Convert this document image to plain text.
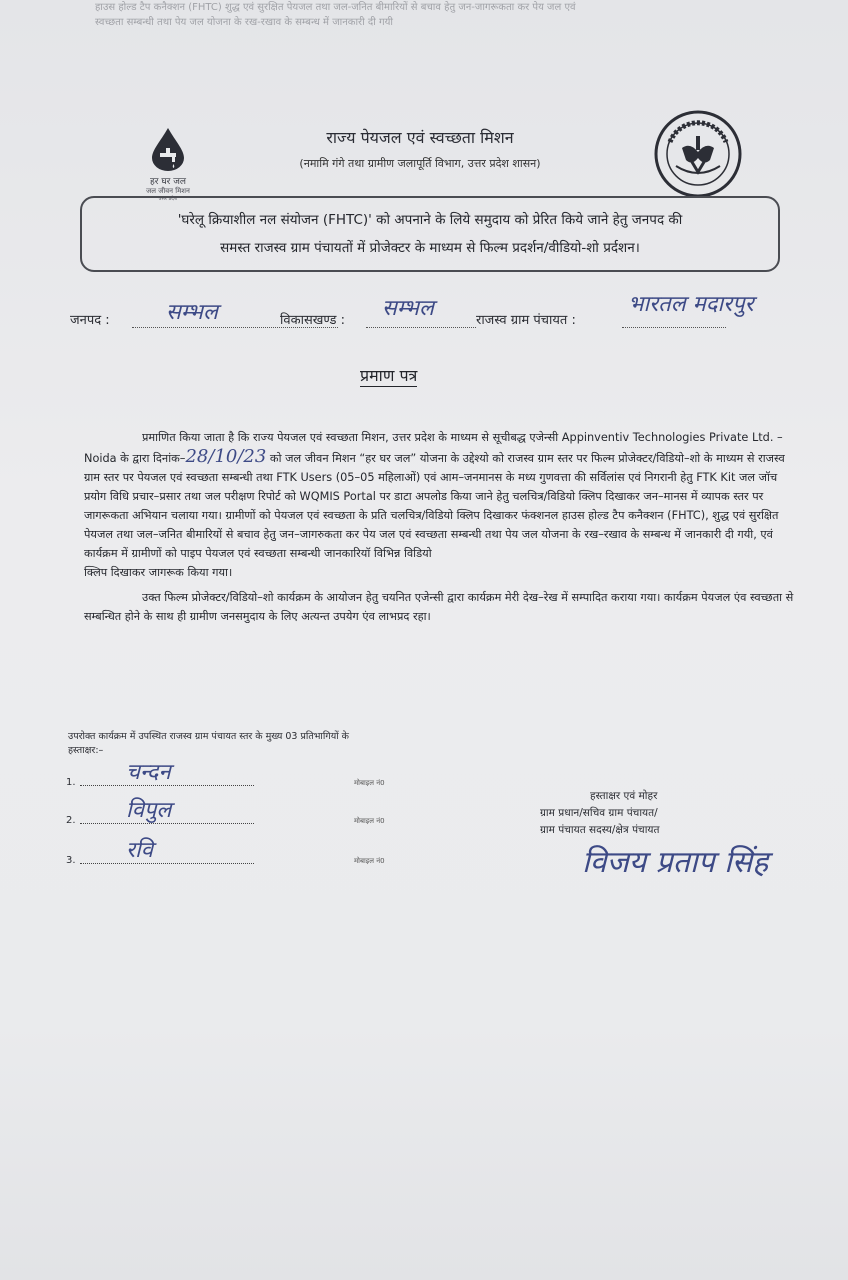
हाउस होल्ड टैप कनैक्शन (FHTC) शुद्ध एवं सुरक्षित पेयजल तथा जल-जनित बीमारियों से बचाव हेतु जन-जागरूकता कर पेय जल एवं
स्वच्छता सम्बन्धी तथा पेय जल योजना के रख-रखाव के सम्बन्ध में जानकारी दी गयी
हर घर जल
जल जीवन मिशन
उत्तर प्रदेश
राज्य पेयजल एवं स्वच्छता मिशन
(नमामि गंगे तथा ग्रामीण जलापूर्ति विभाग, उत्तर प्रदेश शासन)
'घरेलू क्रियाशील नल संयोजन (FHTC)' को अपनाने के लिये समुदाय को प्रेरित किये जाने हेतु जनपद की
समस्त राजस्व ग्राम पंचायतों में प्रोजेक्टर के माध्यम से फिल्म प्रदर्शन/वीडियो-शो प्रर्दशन।
जनपद :	सम्भल	विकासखण्ड : सम्भल	राजस्व ग्राम पंचायत :
भारतल मदारपुर
प्रमाण पत्र

प्रमाणित किया जाता है कि राज्य पेयजल एवं स्वच्छता मिशन, उत्तर प्रदेश के माध्यम से सूचीबद्ध एजेन्सी Appinventiv Technologies Private Ltd. – Noida के द्वारा दिनांक–28/10/23 को जल जीवन मिशन “हर घर जल” योजना के उद्देश्यो को राजस्व ग्राम स्तर पर फिल्म प्रोजेक्टर/विडियो–शो के माध्यम से राजस्व ग्राम स्तर पर पेयजल एवं स्वच्छता सम्बन्धी तथा FTK Users (05–05 महिलाओं) एवं आम–जनमानस के मध्य गुणवत्ता की सर्विलांस एवं निगरानी हेतु FTK Kit जल जॉच प्रयोग विधि प्रचार–प्रसार तथा जल परीक्षण रिपोर्ट को WQMIS Portal पर डाटा अपलोड किया जाने हेतु चलचित्र/विडियो क्लिप दिखाकर जन–मानस में व्यापक स्तर पर जागरूकता अभियान चलाया गया। ग्रामीणों को पेयजल एवं स्वच्छता के प्रति चलचित्र/विडियो क्लिप दिखाकर फंक्शनल हाउस होल्ड टैप कनैक्शन (FHTC), शुद्ध एवं सुरक्षित पेयजल तथा जल–जनित बीमारियों से बचाव हेतु जन–जागरुकता कर पेय जल एवं स्वच्छता सम्बन्धी तथा पेय जल योजना के रख–रखाव के सम्बन्ध में जानकारी दी गयी, एवं कार्यक्रम में ग्रामीणों को पाइप पेयजल एवं स्वच्छता सम्बन्धी जानकारियॉ विभिन्न विडियो

क्लिप दिखाकर जागरूक किया गया।

उक्त फिल्म प्रोजेक्टर/विडियो–शो कार्यक्रम के आयोजन हेतु चयनित एजेन्सी द्वारा कार्यक्रम मेरी देख–रेख में सम्पादित कराया गया। कार्यक्रम पेयजल एंव स्वच्छता से सम्बन्धित होने के साथ ही ग्रामीण जनसमुदाय के लिए अत्यन्त उपयेग एंव लाभप्रद रहा।

उपरोक्त कार्यक्रम में उपस्थित राजस्व ग्राम पंचायत स्तर के मुख्य 03 प्रतिभागियों के
हस्ताक्षर:–
1. चन्दन	मोबाइल नं0
2. विपुल	मोबाइल नं0
3. रवि	मोबाइल नं0
हस्ताक्षर एवं मोहर
ग्राम प्रधान/सचिव ग्राम पंचायत/
ग्राम पंचायत सदस्य/क्षेत्र पंचायत
विजय प्रताप सिंह
